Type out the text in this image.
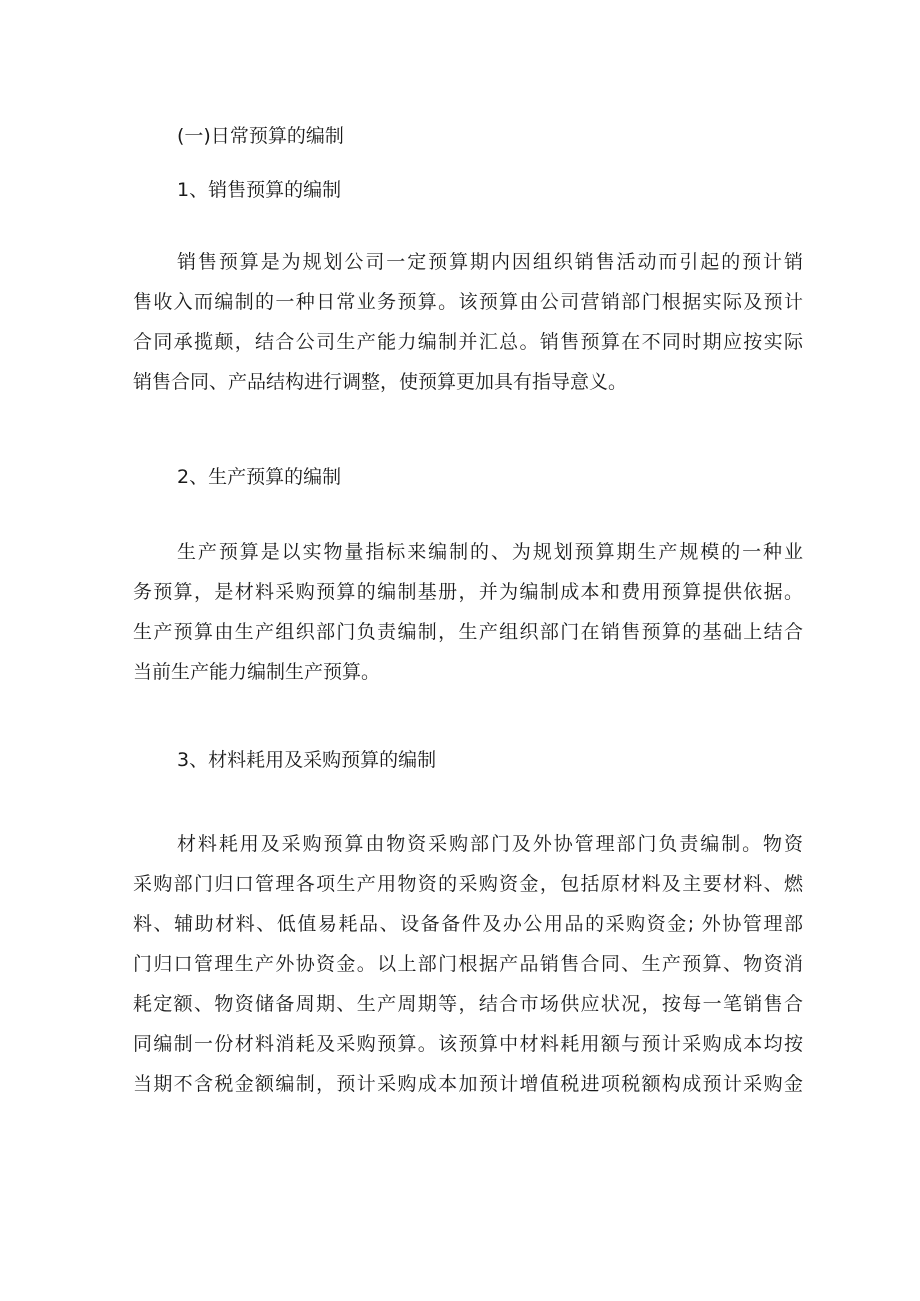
(一)日常预算的编制
1、销售预算的编制

销售预算是为规划公司一定预算期内因组织销售活动而引起的预计销
售收入而编制的一种日常业务预算。该预算由公司营销部门根据实际及预计
合同承揽颠，结合公司生产能力编制并汇总。销售预算在不同时期应按实际
销售合同、产品结构进行调整，使预算更加具有指导意义。

2、生产预算的编制

生产预算是以实物量指标来编制的、为规划预算期生产规模的一种业
务预算，是材料采购预算的编制基册，并为编制成本和费用预算提供依据。
生产预算由生产组织部门负责编制，生产组织部门在销售预算的基础上结合
当前生产能力编制生产预算。

3、材料耗用及采购预算的编制

材料耗用及采购预算由物资采购部门及外协管理部门负责编制。物资
采购部门归口管理各项生产用物资的采购资金，包括原材料及主要材料、燃
料、辅助材料、低值易耗品、设备备件及办公用品的采购资金; 外协管理部
门归口管理生产外协资金。以上部门根据产品销售合同、生产预算、物资消
耗定额、物资储备周期、生产周期等，结合市场供应状况，按每一笔销售合
同编制一份材料消耗及采购预算。该预算中材料耗用额与预计采购成本均按
当期不含税金额编制，预计采购成本加预计增值税进项税额构成预计采购金
